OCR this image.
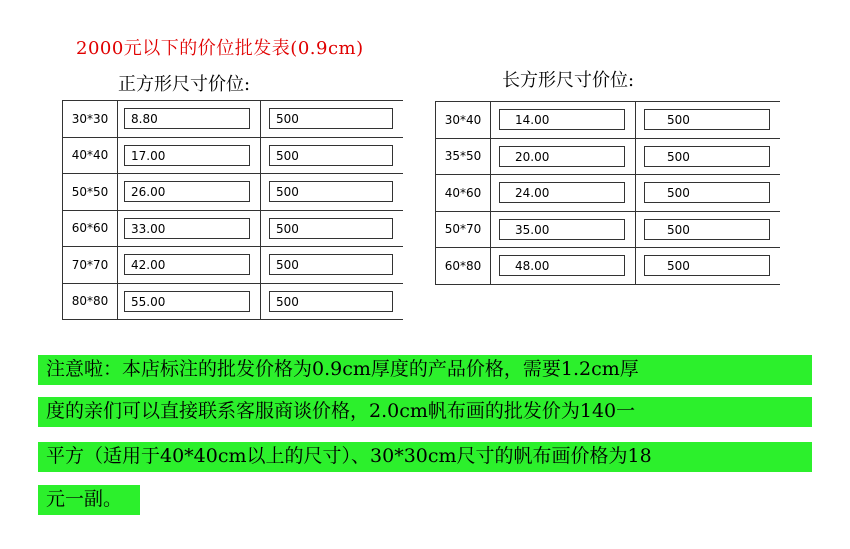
2000元以下的价位批发表(0.9cm)
正方形尺寸价位:	长方形尺寸价位:
30*30	8.80	500

40*40	17.00	500

50*50	26.00	500

60*60	33.00	500

70*70	42.00	500

80*80	55.00	500
30*40	14.00	500

35*50	20.00	500

40*60	24.00	500

50*70	35.00	500

60*80	48.00	500
注意啦：本店标注的批发价格为0.9cm厚度的产品价格，需要1.2cm厚
度的亲们可以直接联系客服商谈价格，2.0cm帆布画的批发价为140一
平方（适用于40*40cm以上的尺寸）、30*30cm尺寸的帆布画价格为18
元一副。
